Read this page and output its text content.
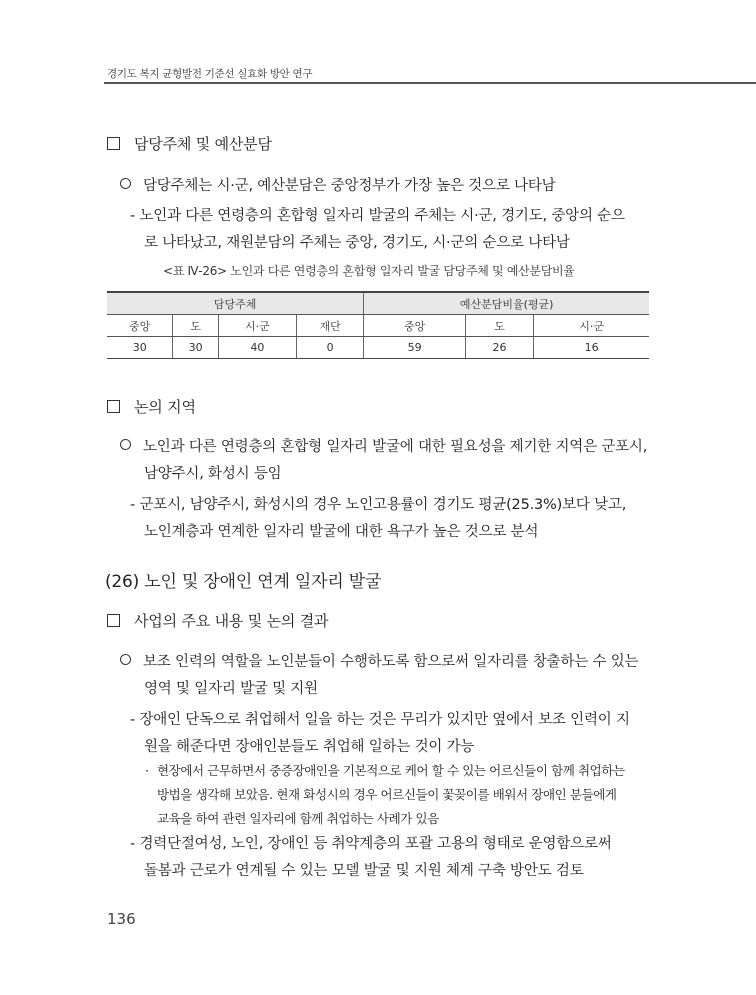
경기도 복지 균형발전 기준선 실효화 방안 연구
담당주체 및 예산분담
담당주체는 시·군, 예산분담은 중앙정부가 가장 높은 것으로 나타남
- 노인과 다른 연령층의 혼합형 일자리 발굴의 주체는 시·군, 경기도, 중앙의 순으
로 나타났고, 재원분담의 주체는 중앙, 경기도, 시·군의 순으로 나타남
<표 Ⅳ-26> 노인과 다른 연령층의 혼합형 일자리 발굴 담당주체 및 예산분담비율
담당주체				예산분담비율(평균)		
중앙	도	시·군	재단	중앙	도	시·군
30	30	40	0	59	26	16
논의 지역
노인과 다른 연령층의 혼합형 일자리 발굴에 대한 필요성을 제기한 지역은 군포시,
남양주시, 화성시 등임
- 군포시, 남양주시, 화성시의 경우 노인고용률이 경기도 평균(25.3%)보다 낮고,
노인계층과 연계한 일자리 발굴에 대한 욕구가 높은 것으로 분석
(26) 노인 및 장애인 연계 일자리 발굴
사업의 주요 내용 및 논의 결과
보조 인력의 역할을 노인분들이 수행하도록 함으로써 일자리를 창출하는 수 있는
영역 및 일자리 발굴 및 지원
- 장애인 단독으로 취업해서 일을 하는 것은 무리가 있지만 옆에서 보조 인력이 지
원을 해준다면 장애인분들도 취업해 일하는 것이 가능
· 현장에서 근무하면서 중증장애인을 기본적으로 케어 할 수 있는 어르신들이 함께 취업하는
방법을 생각해 보았음. 현재 화성시의 경우 어르신들이 꽃꽂이를 배워서 장애인 분들에게
교육을 하여 관련 일자리에 함께 취업하는 사례가 있음
- 경력단절여성, 노인, 장애인 등 취약계층의 포괄 고용의 형태로 운영함으로써
돌봄과 근로가 연계될 수 있는 모델 발굴 및 지원 체계 구축 방안도 검토
136
